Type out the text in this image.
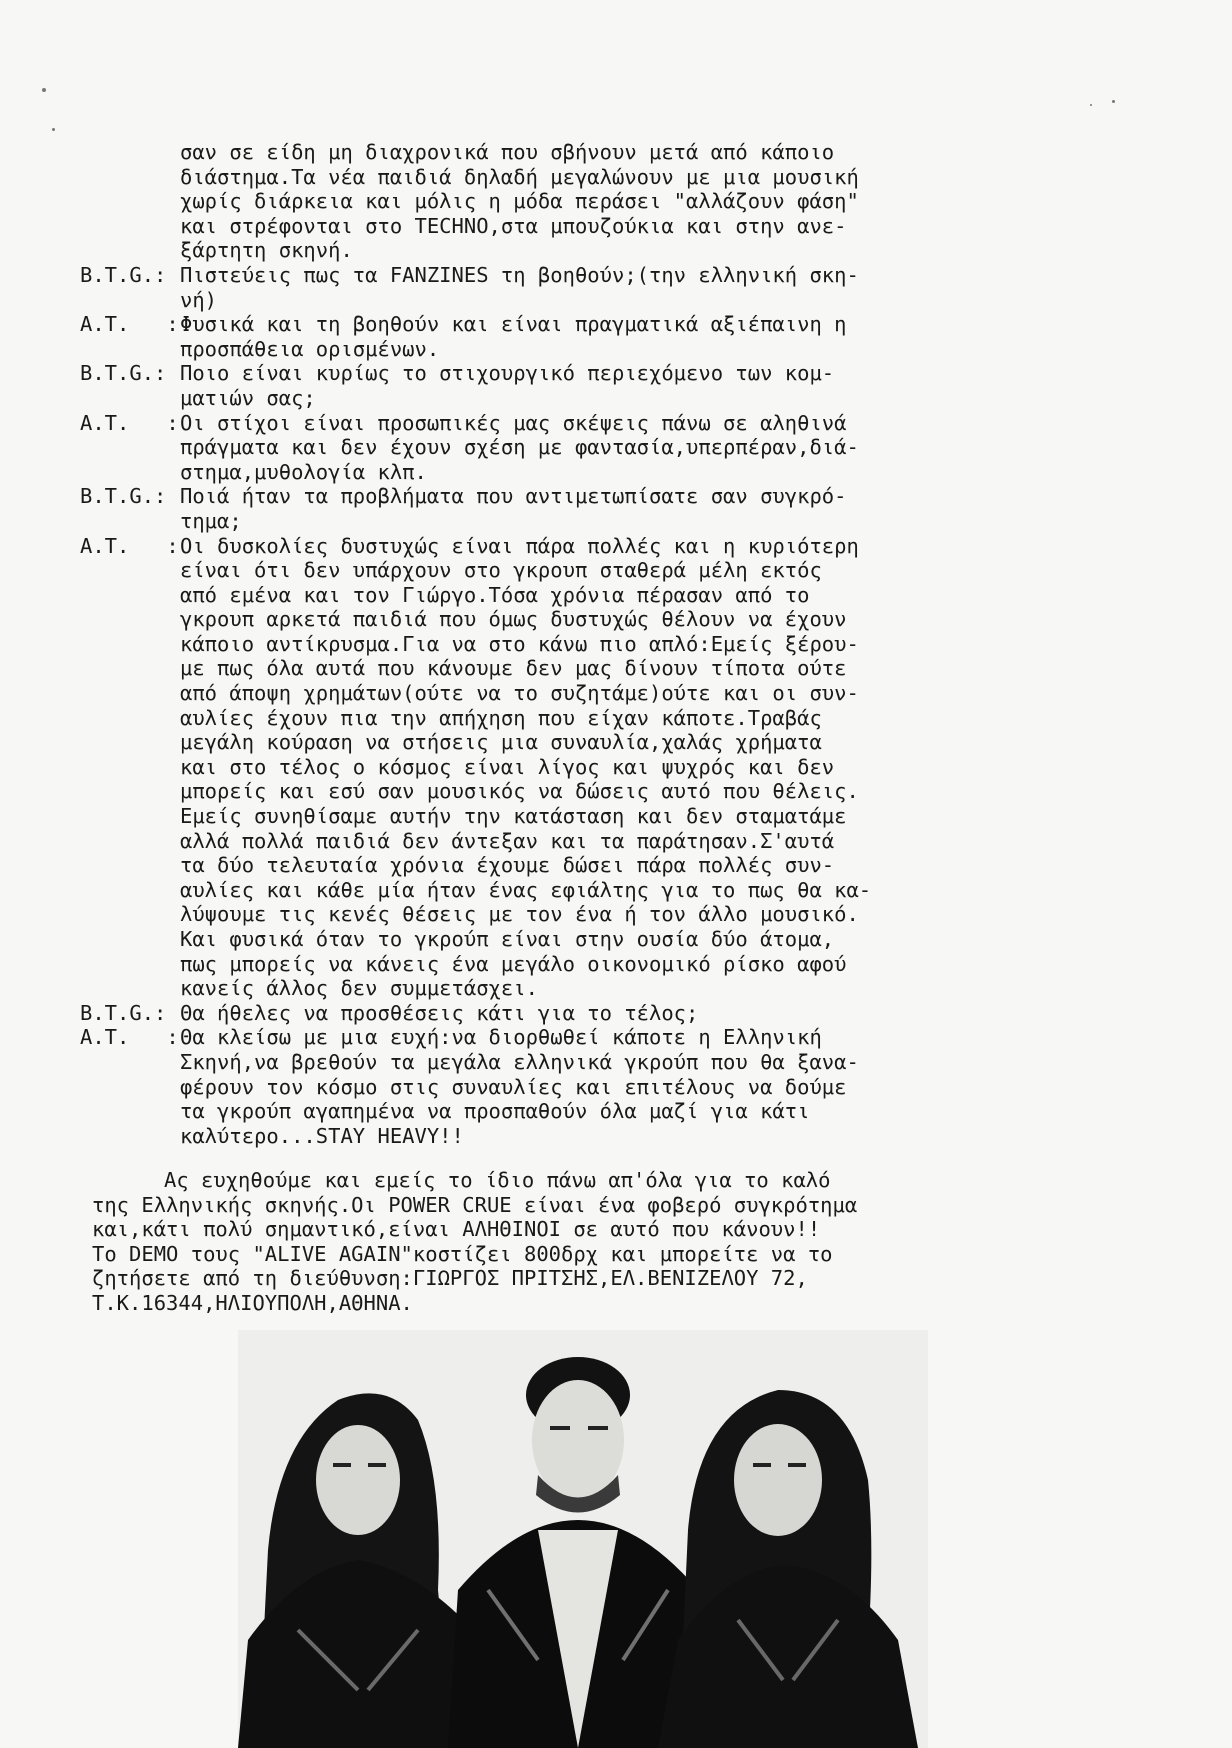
σαν σε είδη μη διαχρονικά που σβήνουν μετά από κάποιο
διάστημα.Τα νέα παιδιά δηλαδή μεγαλώνουν με μια μουσική
χωρίς διάρκεια και μόλις η μόδα περάσει "αλλάζουν φάση"
και στρέφονται στο TECHNO,στα μπουζούκια και στην ανε-
ξάρτητη σκηνή.
B.T.G.: Πιστεύεις πως τα FANZINES τη βοηθούν;(την ελληνική σκη-
νή)
A.T.   : Φυσικά και τη βοηθούν και είναι πραγματικά αξιέπαινη η
προσπάθεια ορισμένων.
B.T.G.: Ποιο είναι κυρίως το στιχουργικό περιεχόμενο των κομ-
ματιών σας;
A.T.   : Οι στίχοι είναι προσωπικές μας σκέψεις πάνω σε αληθινά
πράγματα και δεν έχουν σχέση με φαντασία,υπερπέραν,διά-
στημα,μυθολογία κλπ.
B.T.G.: Ποιά ήταν τα προβλήματα που αντιμετωπίσατε σαν συγκρό-
τημα;
A.T.   : Οι δυσκολίες δυστυχώς είναι πάρα πολλές και η κυριότερη
είναι ότι δεν υπάρχουν στο γκρουπ σταθερά μέλη εκτός
από εμένα και τον Γιώργο.Τόσα χρόνια πέρασαν από το
γκρουπ αρκετά παιδιά που όμως δυστυχώς θέλουν να έχουν
κάποιο αντίκρυσμα.Για να στο κάνω πιο απλό:Εμείς ξέρου-
με πως όλα αυτά που κάνουμε δεν μας δίνουν τίποτα ούτε
από άποψη χρημάτων(ούτε να το συζητάμε)ούτε και οι συν-
αυλίες έχουν πια την απήχηση που είχαν κάποτε.Τραβάς
μεγάλη κούραση να στήσεις μια συναυλία,χαλάς χρήματα
και στο τέλος ο κόσμος είναι λίγος και ψυχρός και δεν
μπορείς και εσύ σαν μουσικός να δώσεις αυτό που θέλεις.
Εμείς συνηθίσαμε αυτήν την κατάσταση και δεν σταματάμε
αλλά πολλά παιδιά δεν άντεξαν και τα παράτησαν.Σ'αυτά
τα δύο τελευταία χρόνια έχουμε δώσει πάρα πολλές συν-
αυλίες και κάθε μία ήταν ένας εφιάλτης για το πως θα κα-
λύψουμε τις κενές θέσεις με τον ένα ή τον άλλο μουσικό.
Και φυσικά όταν το γκρούπ είναι στην ουσία δύο άτομα,
πως μπορείς να κάνεις ένα μεγάλο οικονομικό ρίσκο αφού
κανείς άλλος δεν συμμετάσχει.
B.T.G.: Θα ήθελες να προσθέσεις κάτι για το τέλος;
A.T.   : Θα κλείσω με μια ευχή:να διορθωθεί κάποτε η Ελληνική
Σκηνή,να βρεθούν τα μεγάλα ελληνικά γκρούπ που θα ξανα-
φέρουν τον κόσμο στις συναυλίες και επιτέλους να δούμε
τα γκρούπ αγαπημένα να προσπαθούν όλα μαζί για κάτι
καλύτερο...STAY HEAVY!!
Ας ευχηθούμε και εμείς το ίδιο πάνω απ'όλα για το καλό
της Ελληνικής σκηνής.Οι POWER CRUE είναι ένα φοβερό συγκρότημα
και,κάτι πολύ σημαντικό,είναι ΑΛΗΘΙΝΟΙ σε αυτό που κάνουν!!
Το DEMO τους "ALIVE AGAIN"κοστίζει 800δρχ και μπορείτε να το
ζητήσετε από τη διεύθυνση:ΓΙΩΡΓΟΣ ΠΡΙΤΣΗΣ,ΕΛ.ΒΕΝΙΖΕΛΟΥ 72,
Τ.Κ.16344,ΗΛΙΟΥΠΟΛΗ,ΑΘΗΝΑ.
